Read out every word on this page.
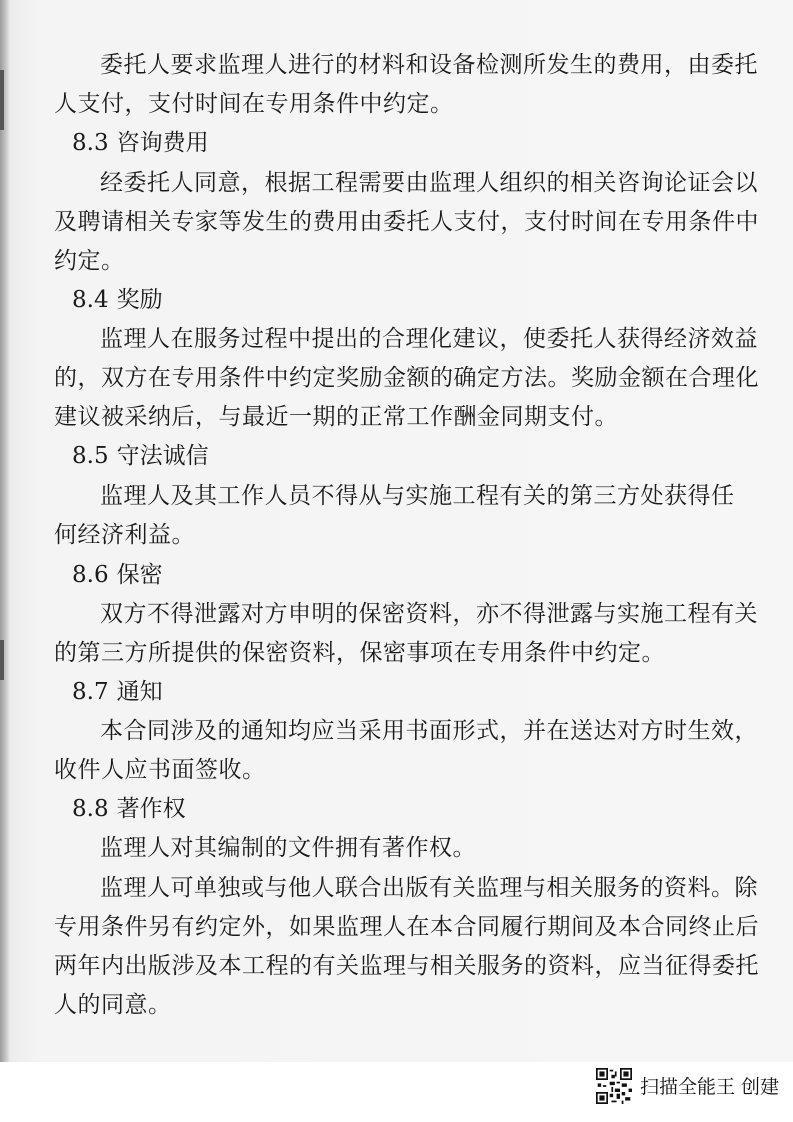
委托人要求监理人进行的材料和设备检测所发生的费用，由委托
人支付，支付时间在专用条件中约定。
8.3 咨询费用
经委托人同意，根据工程需要由监理人组织的相关咨询论证会以
及聘请相关专家等发生的费用由委托人支付，支付时间在专用条件中
约定。
8.4 奖励
监理人在服务过程中提出的合理化建议，使委托人获得经济效益
的，双方在专用条件中约定奖励金额的确定方法。奖励金额在合理化
建议被采纳后，与最近一期的正常工作酬金同期支付。
8.5 守法诚信
监理人及其工作人员不得从与实施工程有关的第三方处获得任
何经济利益。
8.6 保密
双方不得泄露对方申明的保密资料，亦不得泄露与实施工程有关
的第三方所提供的保密资料，保密事项在专用条件中约定。
8.7 通知
本合同涉及的通知均应当采用书面形式，并在送达对方时生效，
收件人应书面签收。
8.8 著作权
监理人对其编制的文件拥有著作权。
监理人可单独或与他人联合出版有关监理与相关服务的资料。除
专用条件另有约定外，如果监理人在本合同履行期间及本合同终止后
两年内出版涉及本工程的有关监理与相关服务的资料，应当征得委托
人的同意。
扫描全能王 创建
